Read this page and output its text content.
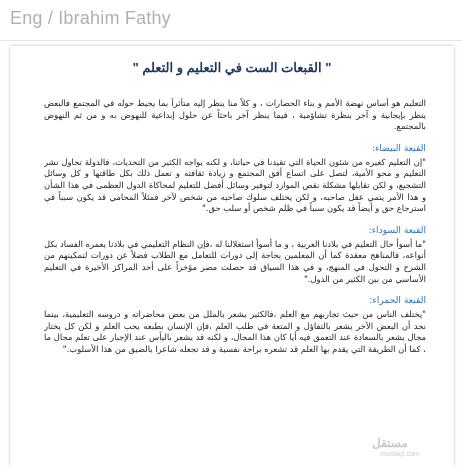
Eng / Ibrahim Fathy
" القبعات الست في التعليم و التعلم "

التعليم هو أساس نهضة الأمم و بناء الحضارات ، و كلاً منا ينظر إليه متأثراً بما يحيط حوله في المجتمع فالبعض ينظر بإيجابية و آخر بنظرة تشاؤمية ، فيما ينظر آخر باحثاً عن حلول إبداعية للنهوض به و من ثم النهوض بالمجتمع.

القبعة البيضاء:

"إن التعليم كغيره من شئون الحياة التي تقيدنا في حياتنا، و لكنه يواجه الكثير من التحديات، فالدولة تحاول نشر التعليم و محو الأمية، لتصل على اتساع أفق المجتمع و زيادة ثقافته و تعمل ذلك بكل طاقتها و كل وسائل التشجيع، و لكن تقابلها مشكلة نقص الموارد لتوفير وسائل أفضل للتعليم لمحاكاة الدول العظمى في هذا الشأن و هذا الأمر ينمي عقل صاحبه، و لكن يختلف سلوك صاحبه من شخص لآخر فمثلاً المحامي قد يكون سبباً في استرجاع حق و أيضاً قد يكون سبباً في ظلم شخص أو سلب حق."

القبعة السوداء:

"ما أسوأ حال التعليم في بلادنا العربية ، و ما أسوأ استغلالنا له ،فإن النظام التعليمي في بلادنا يعمره الفساد بكل أنواعه، فالمناهج معقدة كما أن المعلمين بحاجة إلى دورات للتعامل مع الطلاب فضلاً عن دورات لتمكينهم من الشرح و التحول في المنهج، و في هذا السياق قد حصلت مصر مؤخراً على أحد المراكز الأخيرة في التعليم الأساسي من بين الكثير من الدول."

القبعة الحمراء:

"يختلف الناس من حيث تجاربهم مع العلم ،فالكثير يشعر بالملل من بعض محاضراته و دروسه التعليمية، بينما نجد أن البعض الآخر يشعر بالتفاؤل و المتعة في طلب العلم ،فإن الإنسان بطبعه يحب العلم و لكن كل يختار مجال يشعر بالسعادة عند التعمق فيه أيا كان هذا المجال، و لكنه قد يشعر باليأس عند الإجبار على تعلم مجال ما ، كما أن الطريقة التي يقدم بها العلم قد تشعره براحة نفسية و قد تجعله شاعرا بالضيق من هذا الأسلوب."

مستقل
mostaql.com
